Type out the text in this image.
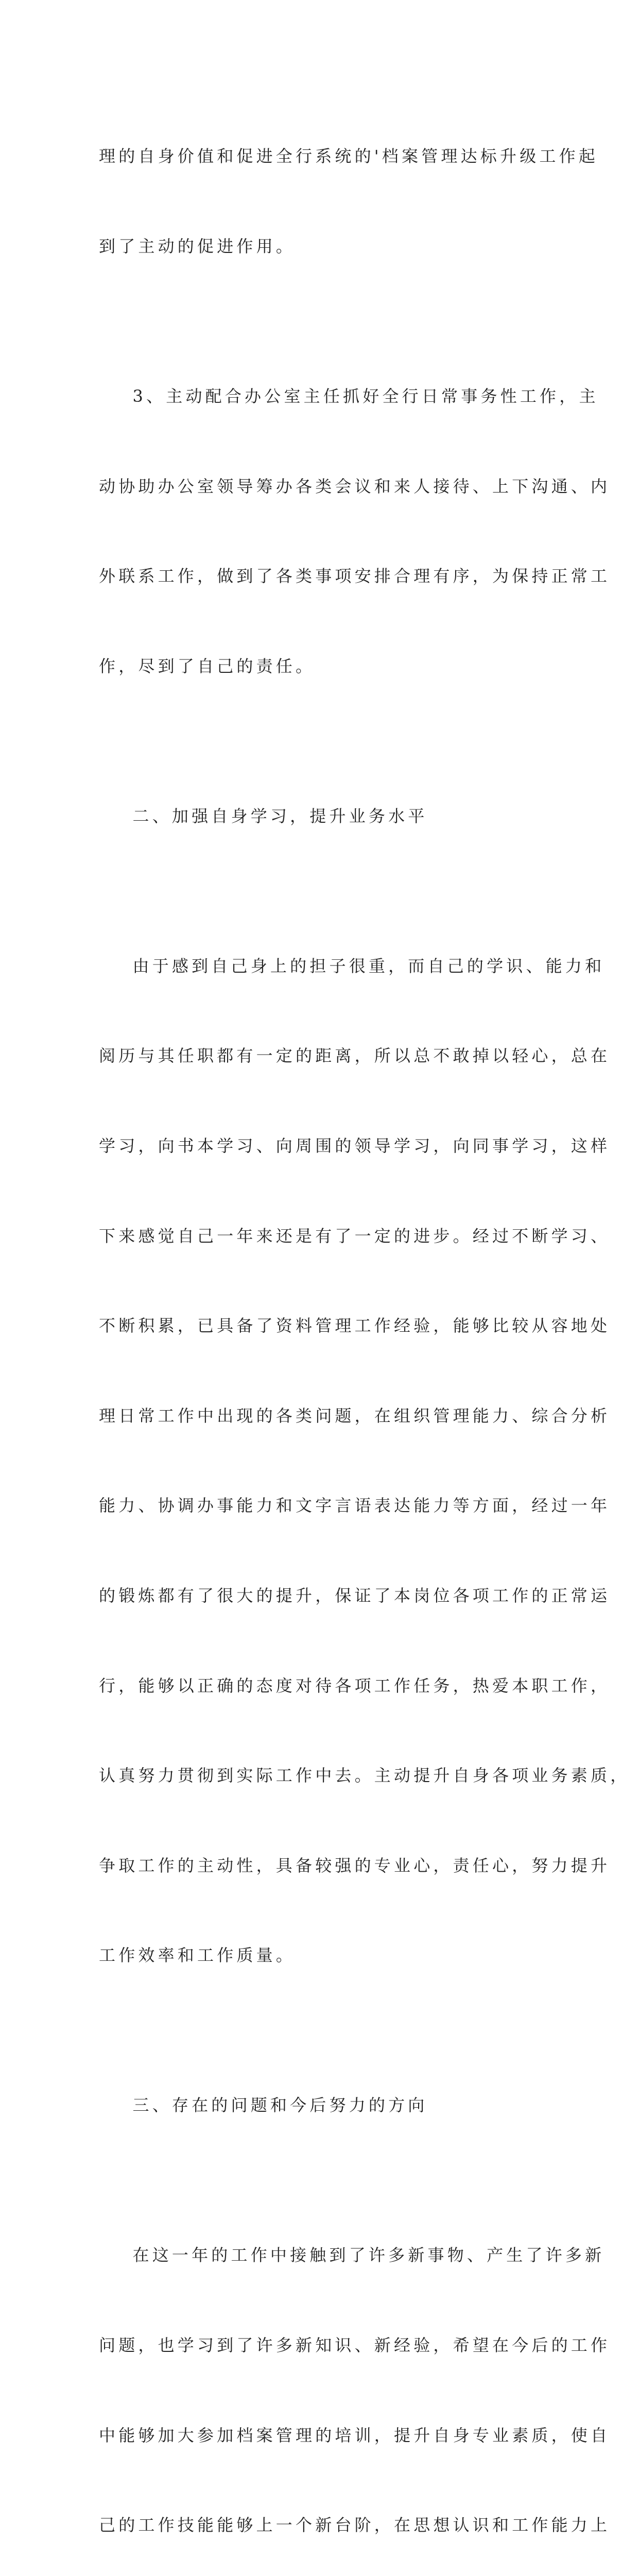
理的自身价值和促进全行系统的'档案管理达标升级工作起

到了主动的促进作用。

3、主动配合办公室主任抓好全行日常事务性工作，主

动协助办公室领导筹办各类会议和来人接待、上下沟通、内

外联系工作，做到了各类事项安排合理有序，为保持正常工

作，尽到了自己的责任。

二、加强自身学习，提升业务水平

由于感到自己身上的担子很重，而自己的学识、能力和

阅历与其任职都有一定的距离，所以总不敢掉以轻心，总在

学习，向书本学习、向周围的领导学习，向同事学习，这样

下来感觉自己一年来还是有了一定的进步。经过不断学习、

不断积累，已具备了资料管理工作经验，能够比较从容地处

理日常工作中出现的各类问题，在组织管理能力、综合分析

能力、协调办事能力和文字言语表达能力等方面，经过一年

的锻炼都有了很大的提升，保证了本岗位各项工作的正常运

行，能够以正确的态度对待各项工作任务，热爱本职工作，

认真努力贯彻到实际工作中去。主动提升自身各项业务素质，

争取工作的主动性，具备较强的专业心，责任心，努力提升

工作效率和工作质量。

三、存在的问题和今后努力的方向

在这一年的工作中接触到了许多新事物、产生了许多新

问题，也学习到了许多新知识、新经验，希望在今后的工作

中能够加大参加档案管理的培训，提升自身专业素质，使自

己的工作技能能够上一个新台阶，在思想认识和工作能力上
